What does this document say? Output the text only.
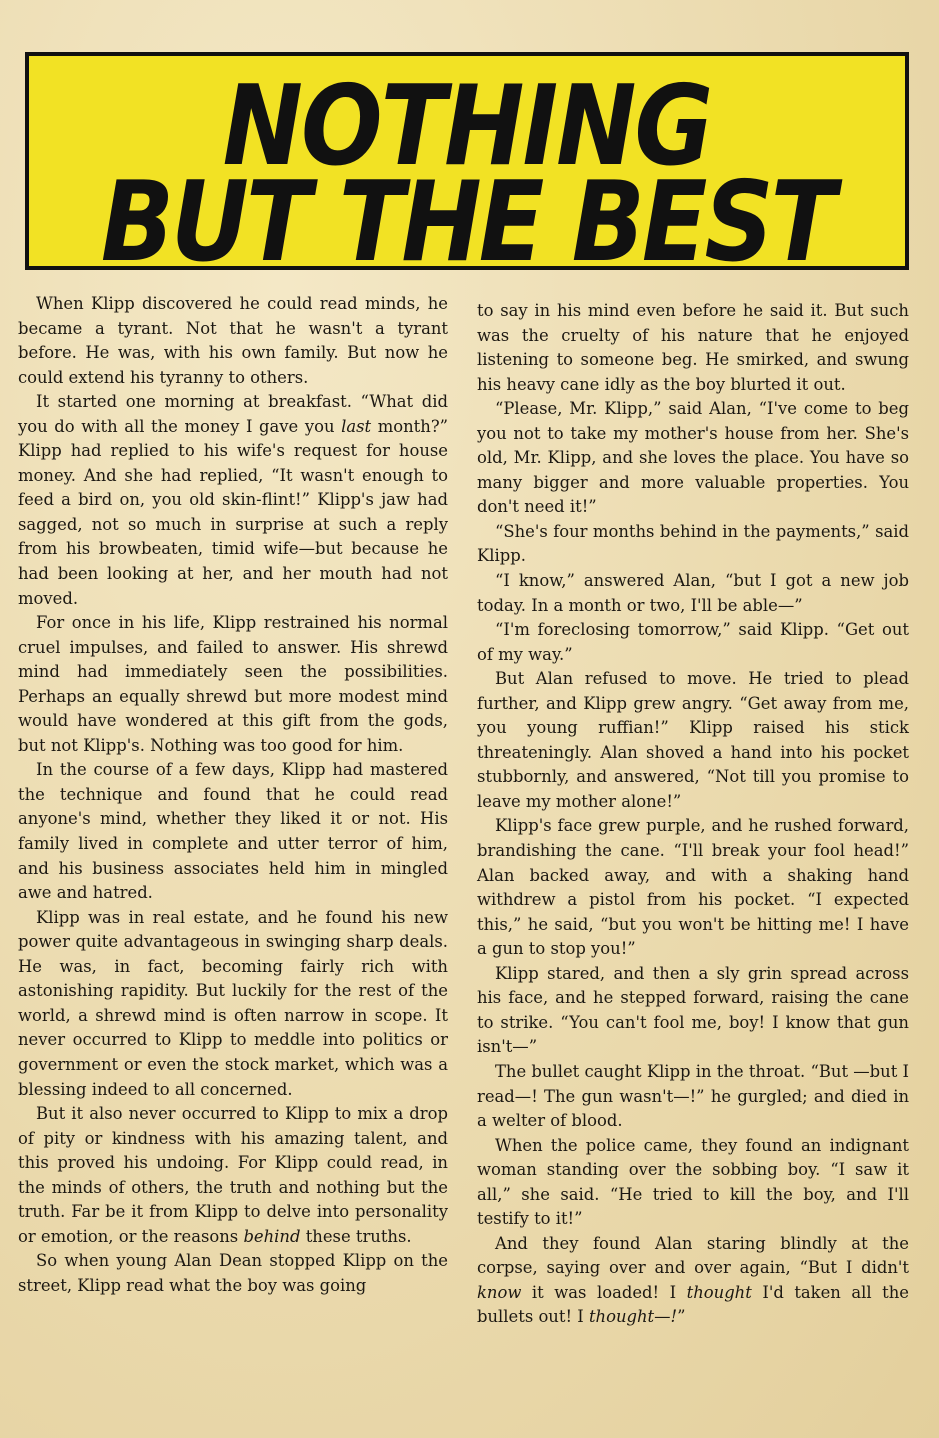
NOTHING
BUT THE BEST

When Klipp discovered he could read minds, he became a tyrant. Not that he wasn't a tyrant before. He was, with his own family. But now he could extend his tyranny to others.

It started one morning at breakfast. “What did you do with all the money I gave you last month?” Klipp had replied to his wife's request for house money. And she had replied, “It wasn't enough to feed a bird on, you old skin-flint!” Klipp's jaw had sagged, not so much in surprise at such a reply from his browbeaten, timid wife—but because he had been looking at her, and her mouth had not moved.

For once in his life, Klipp restrained his normal cruel impulses, and failed to answer. His shrewd mind had immediately seen the possibilities. Perhaps an equally shrewd but more modest mind would have wondered at this gift from the gods, but not Klipp's. Nothing was too good for him.

In the course of a few days, Klipp had mastered the technique and found that he could read anyone's mind, whether they liked it or not. His family lived in complete and utter terror of him, and his business associates held him in mingled awe and hatred.

Klipp was in real estate, and he found his new power quite advantageous in swinging sharp deals. He was, in fact, becoming fairly rich with astonishing rapidity. But luckily for the rest of the world, a shrewd mind is often narrow in scope. It never occurred to Klipp to meddle into politics or government or even the stock market, which was a blessing indeed to all concerned.

But it also never occurred to Klipp to mix a drop of pity or kindness with his amazing talent, and this proved his undoing. For Klipp could read, in the minds of others, the truth and nothing but the truth. Far be it from Klipp to delve into personality or emotion, or the reasons behind these truths.

So when young Alan Dean stopped Klipp on the street, Klipp read what the boy was going

to say in his mind even before he said it. But such was the cruelty of his nature that he enjoyed listening to someone beg. He smirked, and swung his heavy cane idly as the boy blurted it out.

“Please, Mr. Klipp,” said Alan, “I've come to beg you not to take my mother's house from her. She's old, Mr. Klipp, and she loves the place. You have so many bigger and more valuable properties. You don't need it!”

“She's four months behind in the payments,” said Klipp.

“I know,” answered Alan, “but I got a new job today. In a month or two, I'll be able—”

“I'm foreclosing tomorrow,” said Klipp. “Get out of my way.”

But Alan refused to move. He tried to plead further, and Klipp grew angry. “Get away from me, you young ruffian!” Klipp raised his stick threateningly. Alan shoved a hand into his pocket stubbornly, and answered, “Not till you promise to leave my mother alone!”

Klipp's face grew purple, and he rushed forward, brandishing the cane. “I'll break your fool head!” Alan backed away, and with a shaking hand withdrew a pistol from his pocket. “I expected this,” he said, “but you won't be hitting me! I have a gun to stop you!”

Klipp stared, and then a sly grin spread across his face, and he stepped forward, raising the cane to strike. “You can't fool me, boy! I know that gun isn't—”

The bullet caught Klipp in the throat. “But —but I read—! The gun wasn't—!” he gurgled; and died in a welter of blood.

When the police came, they found an indignant woman standing over the sobbing boy. “I saw it all,” she said. “He tried to kill the boy, and I'll testify to it!”

And they found Alan staring blindly at the corpse, saying over and over again, “But I didn't know it was loaded! I thought I'd taken all the bullets out! I thought—!”
